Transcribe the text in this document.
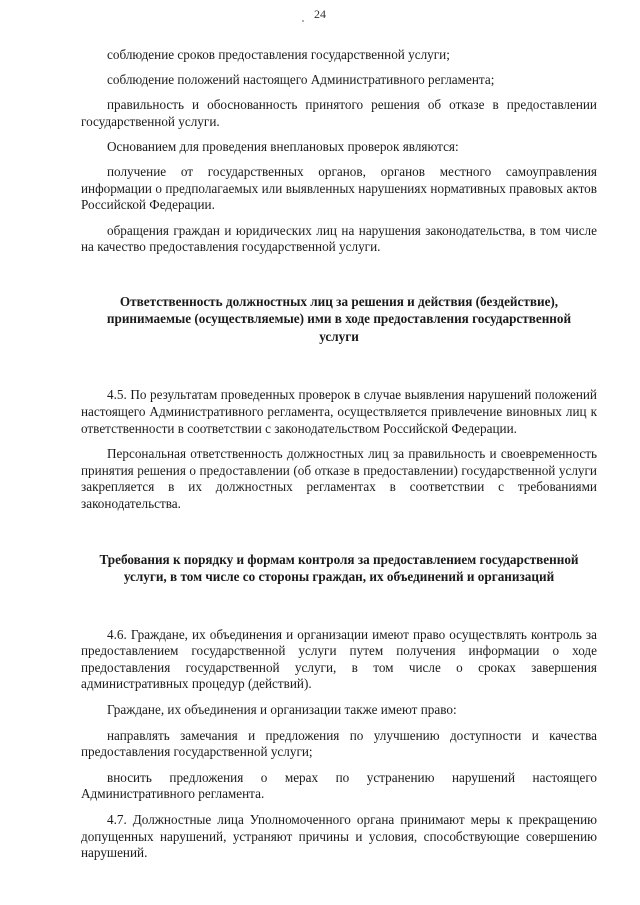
24

соблюдение сроков предоставления государственной услуги;

соблюдение положений настоящего Административного регламента;

правильность и обоснованность принятого решения об отказе в предоставлении государственной услуги.

Основанием для проведения внеплановых проверок являются:

получение от государственных органов, органов местного самоуправления информации о предполагаемых или выявленных нарушениях нормативных правовых актов Российской Федерации.

обращения граждан и юридических лиц на нарушения законодательства, в том числе на качество предоставления государственной услуги.

Ответственность должностных лиц за решения и действия (бездействие),
принимаемые (осуществляемые) ими в ходе предоставления государственной
услуги

4.5. По результатам проведенных проверок в случае выявления нарушений положений настоящего Административного регламента, осуществляется привлечение виновных лиц к ответственности в соответствии с законодательством Российской Федерации.

Персональная ответственность должностных лиц за правильность и своевременность принятия решения о предоставлении (об отказе в предоставлении) государственной услуги закрепляется в их должностных регламентах в соответствии с требованиями законодательства.

Требования к порядку и формам контроля за предоставлением государственной
услуги, в том числе со стороны граждан, их объединений и организаций

4.6. Граждане, их объединения и организации имеют право осуществлять контроль за предоставлением государственной услуги путем получения информации о ходе предоставления государственной услуги, в том числе о сроках завершения административных процедур (действий).

Граждане, их объединения и организации также имеют право:

направлять замечания и предложения по улучшению доступности и качества предоставления государственной услуги;

вносить предложения о мерах по устранению нарушений настоящего Административного регламента.

4.7. Должностные лица Уполномоченного органа принимают меры к прекращению допущенных нарушений, устраняют причины и условия, способствующие совершению нарушений.
